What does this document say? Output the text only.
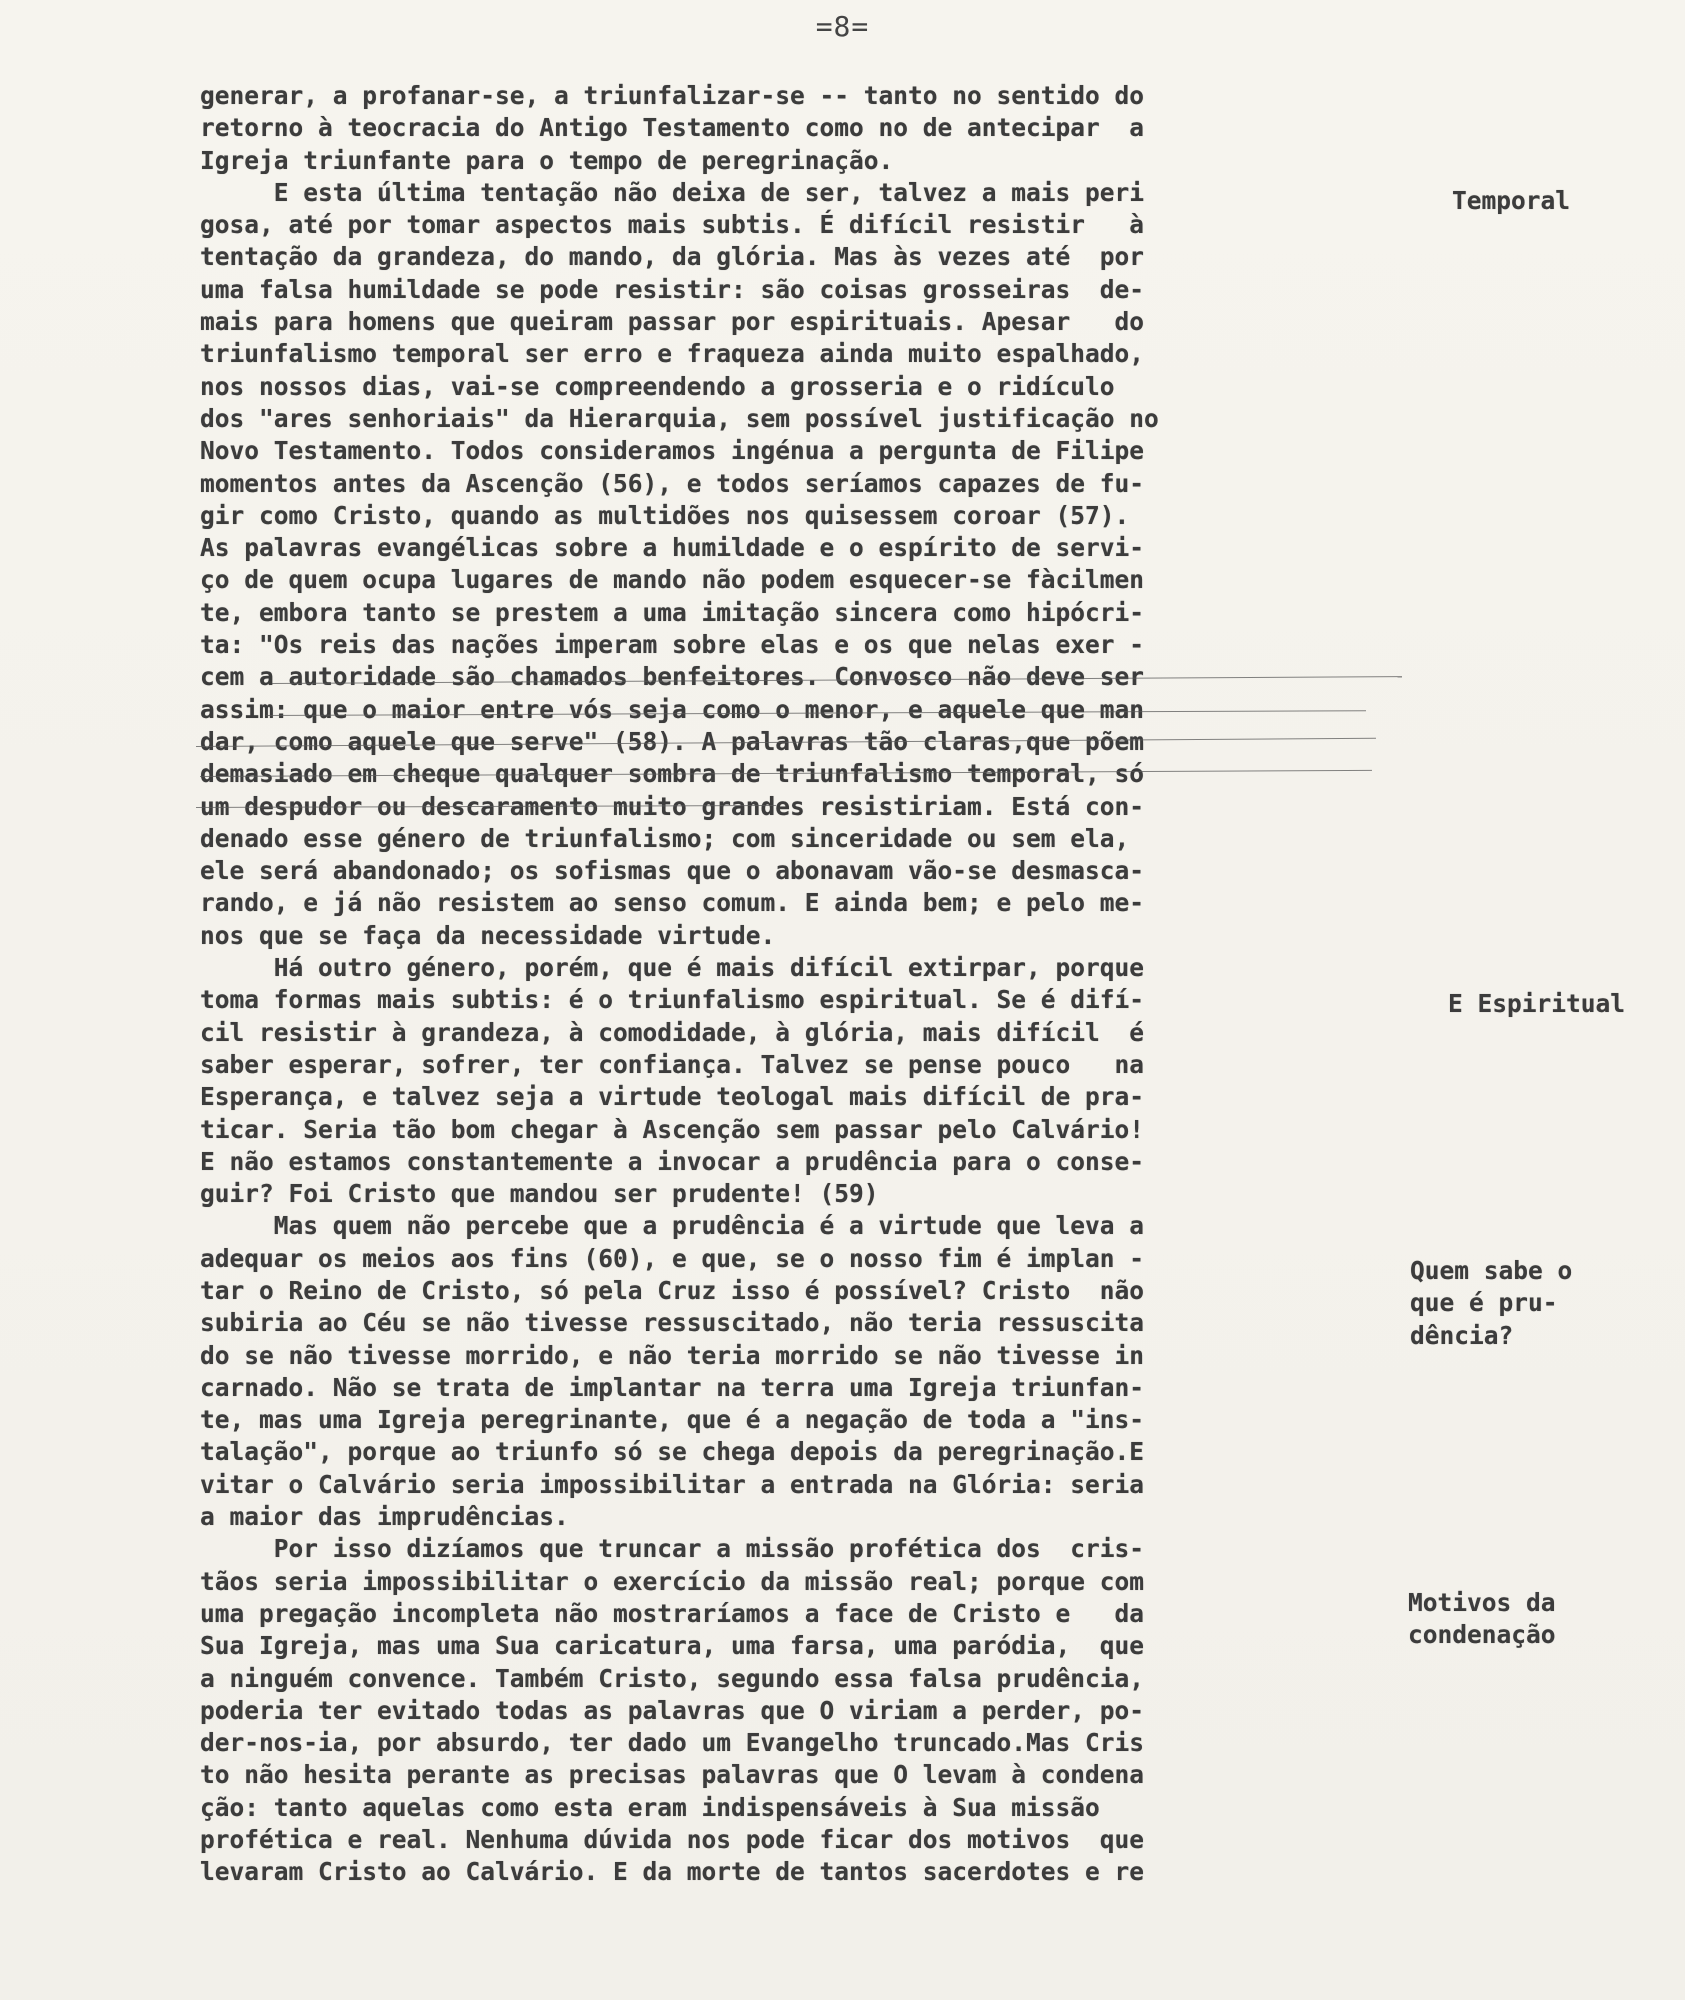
=8=
generar, a profanar-se, a triunfalizar-se -- tanto no sentido do
retorno à teocracia do Antigo Testamento como no de antecipar  a
Igreja triunfante para o tempo de peregrinação.
E esta última tentação não deixa de ser, talvez a mais peri
gosa, até por tomar aspectos mais subtis. É difícil resistir   à
tentação da grandeza, do mando, da glória. Mas às vezes até  por
uma falsa humildade se pode resistir: são coisas grosseiras  de-
mais para homens que queiram passar por espirituais. Apesar   do
triunfalismo temporal ser erro e fraqueza ainda muito espalhado,
nos nossos dias, vai-se compreendendo a grosseria e o ridículo
dos "ares senhoriais" da Hierarquia, sem possível justificação no
Novo Testamento. Todos consideramos ingénua a pergunta de Filipe
momentos antes da Ascenção (56), e todos seríamos capazes de fu-
gir como Cristo, quando as multidões nos quisessem coroar (57).
As palavras evangélicas sobre a humildade e o espírito de servi-
ço de quem ocupa lugares de mando não podem esquecer-se fàcilmen
te, embora tanto se prestem a uma imitação sincera como hipócri-
ta: "Os reis das nações imperam sobre elas e os que nelas exer -
cem a autoridade são chamados benfeitores. Convosco não deve ser
assim: que o maior entre vós seja como o menor, e aquele que man
dar, como aquele que serve" (58). A palavras tão claras,que põem
demasiado em cheque qualquer sombra de triunfalismo temporal, só
um despudor ou descaramento muito grandes resistiriam. Está con-
denado esse género de triunfalismo; com sinceridade ou sem ela,
ele será abandonado; os sofismas que o abonavam vão-se desmasca-
rando, e já não resistem ao senso comum. E ainda bem; e pelo me-
nos que se faça da necessidade virtude.
Há outro género, porém, que é mais difícil extirpar, porque
toma formas mais subtis: é o triunfalismo espiritual. Se é difí-
cil resistir à grandeza, à comodidade, à glória, mais difícil  é
saber esperar, sofrer, ter confiança. Talvez se pense pouco   na
Esperança, e talvez seja a virtude teologal mais difícil de pra-
ticar. Seria tão bom chegar à Ascenção sem passar pelo Calvário!
E não estamos constantemente a invocar a prudência para o conse-
guir? Foi Cristo que mandou ser prudente! (59)
Mas quem não percebe que a prudência é a virtude que leva a
adequar os meios aos fins (60), e que, se o nosso fim é implan -
tar o Reino de Cristo, só pela Cruz isso é possível? Cristo  não
subiria ao Céu se não tivesse ressuscitado, não teria ressuscita
do se não tivesse morrido, e não teria morrido se não tivesse in
carnado. Não se trata de implantar na terra uma Igreja triunfan-
te, mas uma Igreja peregrinante, que é a negação de toda a "ins-
talação", porque ao triunfo só se chega depois da peregrinação.E
vitar o Calvário seria impossibilitar a entrada na Glória: seria
a maior das imprudências.
Por isso dizíamos que truncar a missão profética dos  cris-
tãos seria impossibilitar o exercício da missão real; porque com
uma pregação incompleta não mostraríamos a face de Cristo e   da
Sua Igreja, mas uma Sua caricatura, uma farsa, uma paródia,  que
a ninguém convence. Também Cristo, segundo essa falsa prudência,
poderia ter evitado todas as palavras que O viriam a perder, po-
der-nos-ia, por absurdo, ter dado um Evangelho truncado.Mas Cris
to não hesita perante as precisas palavras que O levam à condena
ção: tanto aquelas como esta eram indispensáveis à Sua missão
profética e real. Nenhuma dúvida nos pode ficar dos motivos  que
levaram Cristo ao Calvário. E da morte de tantos sacerdotes e re
Temporal
E Espiritual
Quem sabe o
que é pru-
dência?
Motivos da
condenação
